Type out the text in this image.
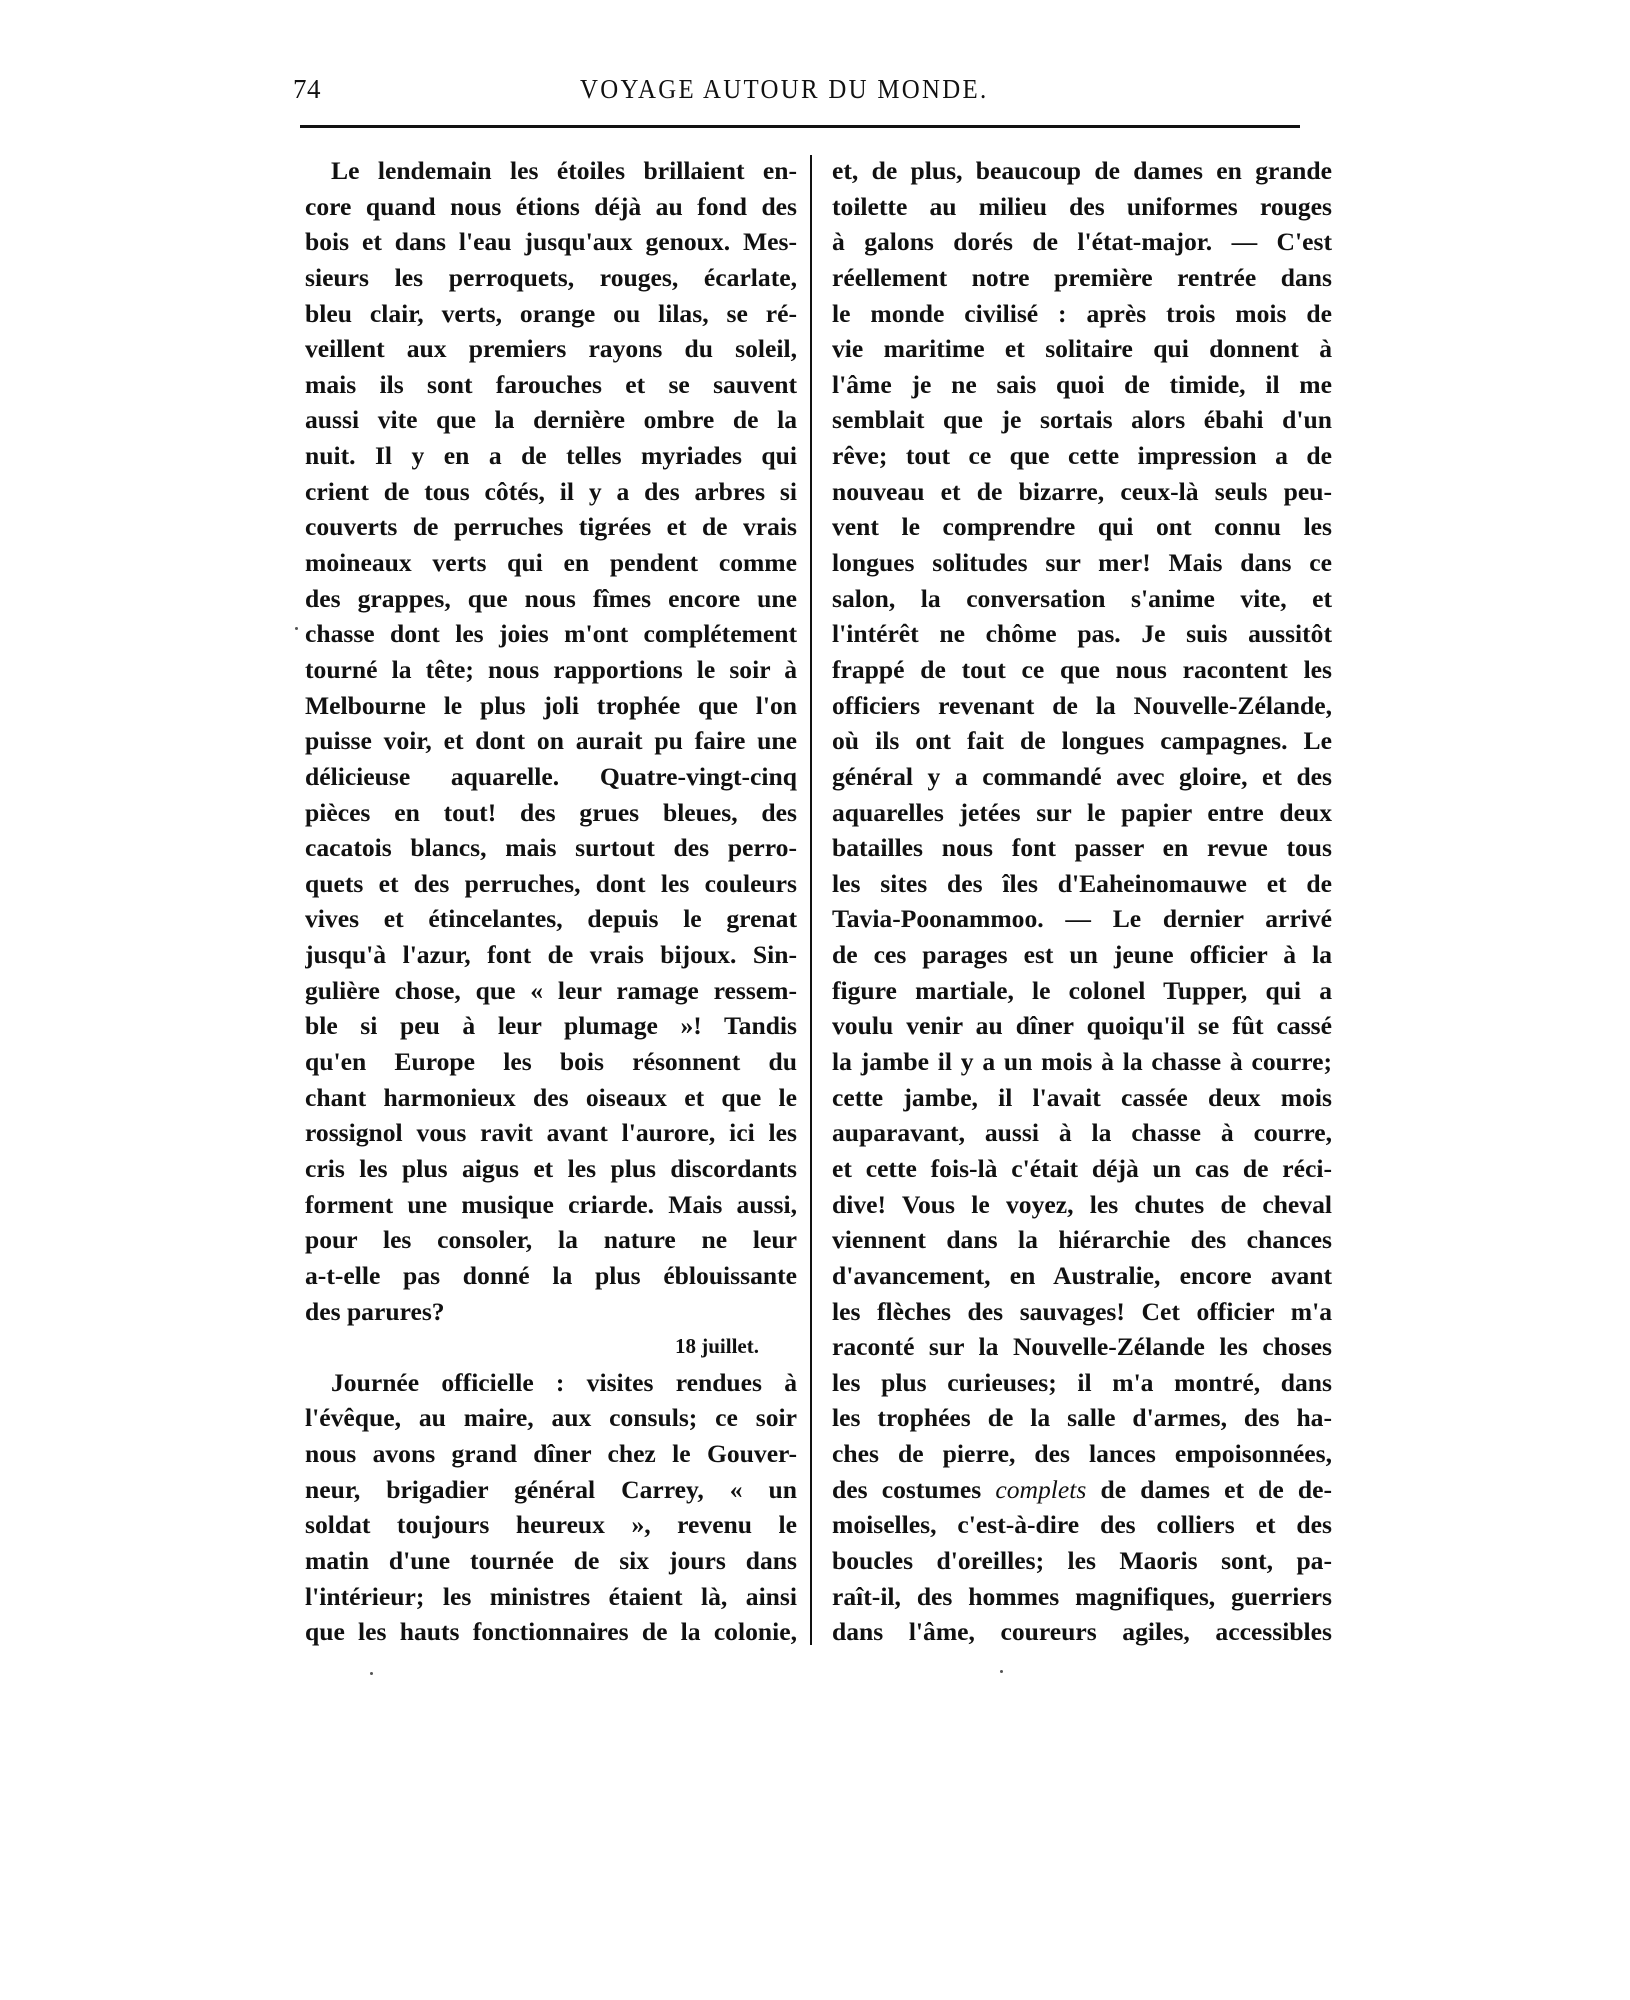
74	VOYAGE AUTOUR DU MONDE.
Le lendemain les étoiles brillaient en-
core quand nous étions déjà au fond des
bois et dans l'eau jusqu'aux genoux. Mes-
sieurs les perroquets, rouges, écarlate,
bleu clair, verts, orange ou lilas, se ré-
veillent aux premiers rayons du soleil,
mais ils sont farouches et se sauvent
aussi vite que la dernière ombre de la
nuit. Il y en a de telles myriades qui
crient de tous côtés, il y a des arbres si
couverts de perruches tigrées et de vrais
moineaux verts qui en pendent comme
des grappes, que nous fîmes encore une
chasse dont les joies m'ont complétement
tourné la tête; nous rapportions le soir à
Melbourne le plus joli trophée que l'on
puisse voir, et dont on aurait pu faire une
délicieuse aquarelle. Quatre-vingt-cinq
pièces en tout! des grues bleues, des
cacatois blancs, mais surtout des perro-
quets et des perruches, dont les couleurs
vives et étincelantes, depuis le grenat
jusqu'à l'azur, font de vrais bijoux. Sin-
gulière chose, que « leur ramage ressem-
ble si peu à leur plumage »! Tandis
qu'en Europe les bois résonnent du
chant harmonieux des oiseaux et que le
rossignol vous ravit avant l'aurore, ici les
cris les plus aigus et les plus discordants
forment une musique criarde. Mais aussi,
pour les consoler, la nature ne leur
a-t-elle pas donné la plus éblouissante
des parures?
18 juillet.
Journée officielle : visites rendues à
l'évêque, au maire, aux consuls; ce soir
nous avons grand dîner chez le Gouver-
neur, brigadier général Carrey, « un
soldat toujours heureux », revenu le
matin d'une tournée de six jours dans
l'intérieur; les ministres étaient là, ainsi
que les hauts fonctionnaires de la colonie,
et, de plus, beaucoup de dames en grande
toilette au milieu des uniformes rouges
à galons dorés de l'état-major. — C'est
réellement notre première rentrée dans
le monde civilisé : après trois mois de
vie maritime et solitaire qui donnent à
l'âme je ne sais quoi de timide, il me
semblait que je sortais alors ébahi d'un
rêve; tout ce que cette impression a de
nouveau et de bizarre, ceux-là seuls peu-
vent le comprendre qui ont connu les
longues solitudes sur mer! Mais dans ce
salon, la conversation s'anime vite, et
l'intérêt ne chôme pas. Je suis aussitôt
frappé de tout ce que nous racontent les
officiers revenant de la Nouvelle-Zélande,
où ils ont fait de longues campagnes. Le
général y a commandé avec gloire, et des
aquarelles jetées sur le papier entre deux
batailles nous font passer en revue tous
les sites des îles d'Eaheinomauwe et de
Tavia-Poonammoo. — Le dernier arrivé
de ces parages est un jeune officier à la
figure martiale, le colonel Tupper, qui a
voulu venir au dîner quoiqu'il se fût cassé
la jambe il y a un mois à la chasse à courre;
cette jambe, il l'avait cassée deux mois
auparavant, aussi à la chasse à courre,
et cette fois-là c'était déjà un cas de réci-
dive! Vous le voyez, les chutes de cheval
viennent dans la hiérarchie des chances
d'avancement, en Australie, encore avant
les flèches des sauvages! Cet officier m'a
raconté sur la Nouvelle-Zélande les choses
les plus curieuses; il m'a montré, dans
les trophées de la salle d'armes, des ha-
ches de pierre, des lances empoisonnées,
des costumes complets de dames et de de-
moiselles, c'est-à-dire des colliers et des
boucles d'oreilles; les Maoris sont, pa-
raît-il, des hommes magnifiques, guerriers
dans l'âme, coureurs agiles, accessibles
